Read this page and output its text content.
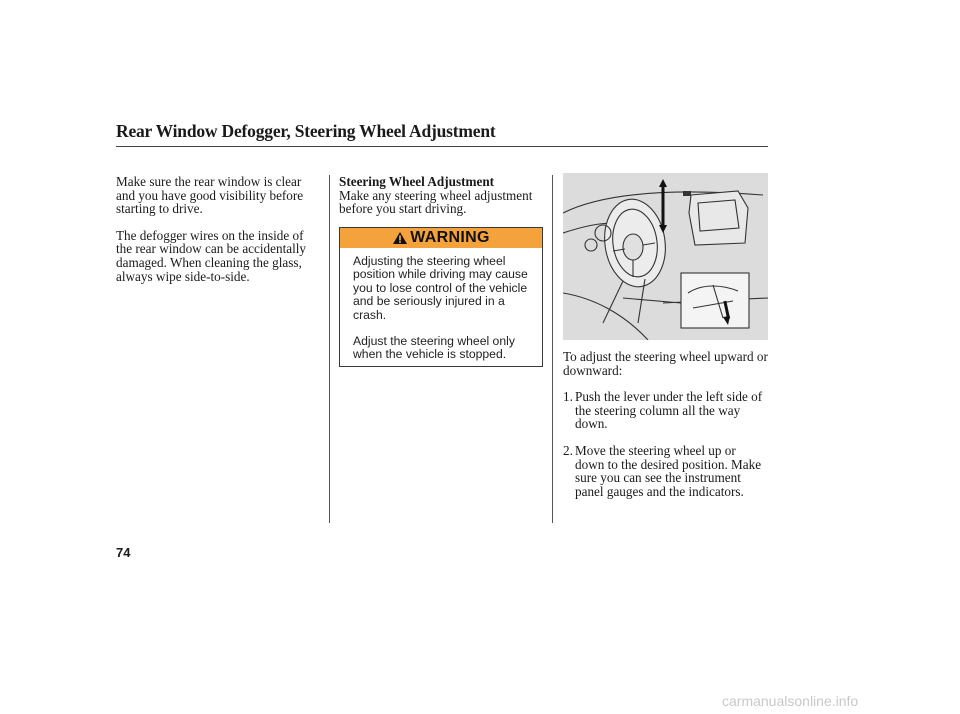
Rear Window Defogger, Steering Wheel Adjustment

Make sure the rear window is clear and you have good visibility before starting to drive.

The defogger wires on the inside of the rear window can be accidentally damaged. When cleaning the glass, always wipe side-to-side.

Steering Wheel Adjustment

Make any steering wheel adjustment before you start driving.

WARNING

Adjusting the steering wheel position while driving may cause you to lose control of the vehicle and be seriously injured in a crash.

Adjust the steering wheel only when the vehicle is stopped.	To adjust the steering wheel upward or downward:

1. Push the lever under the left side of the steering column all the way down.
2. Move the steering wheel up or down to the desired position. Make sure you can see the instrument panel gauges and the indicators.
74
carmanualsonline.info
